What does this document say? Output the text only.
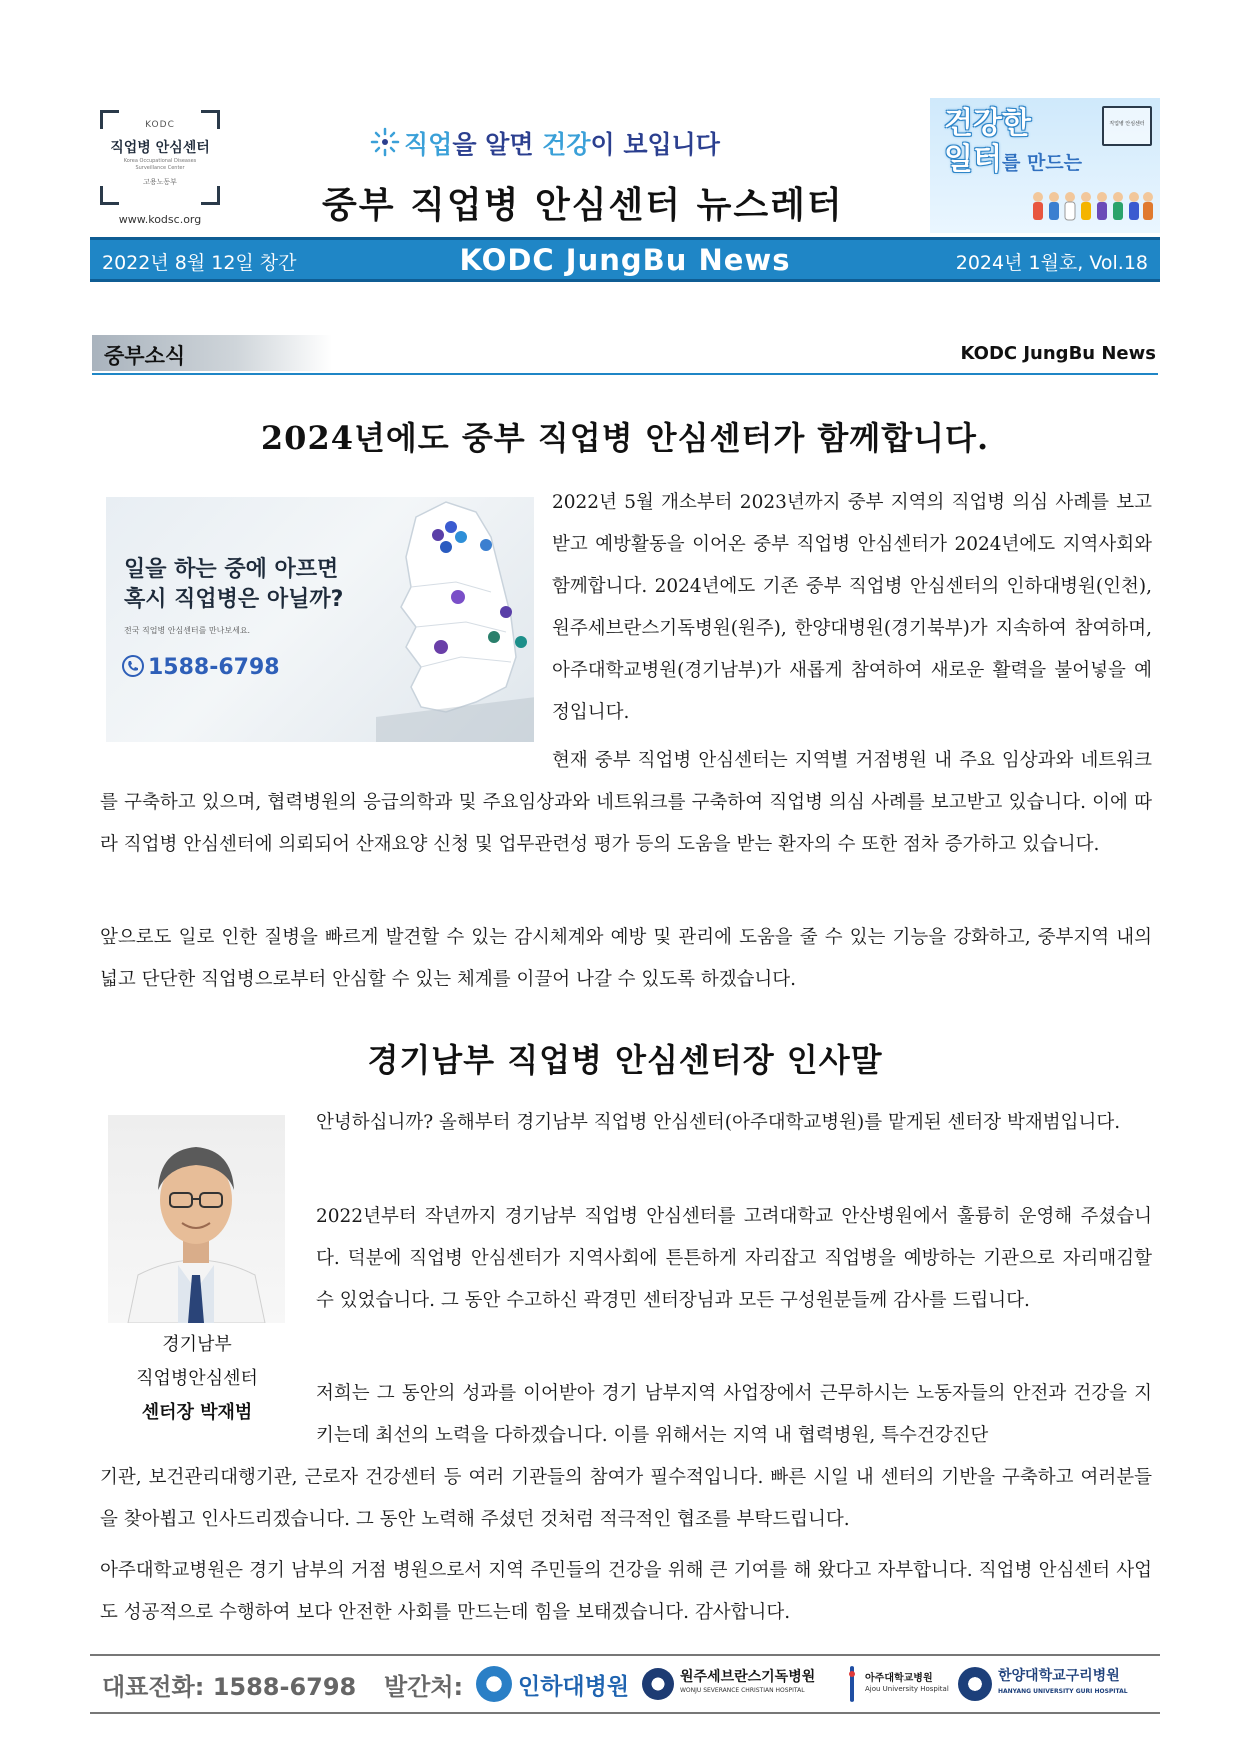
KODC
직업병 안심센터
Korea Occupational Diseases Surveillance Center
고용노동부
www.kodsc.org
직업을 알면 건강이 보입니다
중부 직업병 안심센터 뉴스레터
건강한
일터를 만드는
직업병 안심센터
2022년 8월 12일 창간	KODC JungBu News	2024년 1월호, Vol.18
중부소식	KODC JungBu News
2024년에도 중부 직업병 안심센터가 함께합니다.
일을 하는 중에 아프면
혹시 직업병은 아닐까?
전국 직업병 안심센터를 만나보세요.
1588-6798
2022년 5월 개소부터 2023년까지 중부 지역의 직업병 의심 사례를 보고받고 예방활동을 이어온 중부 직업병 안심센터가 2024년에도 지역사회와 함께합니다. 2024년에도 기존 중부 직업병 안심센터의 인하대병원(인천), 원주세브란스기독병원(원주), 한양대병원(경기북부)가 지속하여 참여하며, 아주대학교병원(경기남부)가 새롭게 참여하여 새로운 활력을 불어넣을 예정입니다.
현재 중부 직업병 안심센터는 지역별 거점병원 내 주요 임상과와 네트워크를 구축하고 있으며, 협력병원의 응급의학과 및 주요임상과와 네트워크를 구축하여 직업병 의심 사례를 보고받고 있습니다. 이에 따라 직업병 안심센터에 의뢰되어 산재요양 신청 및 업무관련성 평가 등의 도움을 받는 환자의 수 또한 점차 증가하고 있습니다.
앞으로도 일로 인한 질병을 빠르게 발견할 수 있는 감시체계와 예방 및 관리에 도움을 줄 수 있는 기능을 강화하고, 중부지역 내의 넓고 단단한 직업병으로부터 안심할 수 있는 체계를 이끌어 나갈 수 있도록 하겠습니다.
경기남부 직업병 안심센터장 인사말
경기남부
직업병안심센터
센터장 박재범
안녕하십니까? 올해부터 경기남부 직업병 안심센터(아주대학교병원)를 맡게된 센터장 박재범입니다.
2022년부터 작년까지 경기남부 직업병 안심센터를 고려대학교 안산병원에서 훌륭히 운영해 주셨습니다. 덕분에 직업병 안심센터가 지역사회에 튼튼하게 자리잡고 직업병을 예방하는 기관으로 자리매김할 수 있었습니다. 그 동안 수고하신 곽경민 센터장님과 모든 구성원분들께 감사를 드립니다.
저희는 그 동안의 성과를 이어받아 경기 남부지역 사업장에서 근무하시는 노동자들의 안전과 건강을 지키는데 최선의 노력을 다하겠습니다. 이를 위해서는 지역 내 협력병원, 특수건강진단
기관, 보건관리대행기관, 근로자 건강센터 등 여러 기관들의 참여가 필수적입니다. 빠른 시일 내 센터의 기반을 구축하고 여러분들을 찾아뵙고 인사드리겠습니다. 그 동안 노력해 주셨던 것처럼 적극적인 협조를 부탁드립니다.
아주대학교병원은 경기 남부의 거점 병원으로서 지역 주민들의 건강을 위해 큰 기여를 해 왔다고 자부합니다. 직업병 안심센터 사업도 성공적으로 수행하여 보다 안전한 사회를 만드는데 힘을 보태겠습니다. 감사합니다.
대표전화: 1588-6798 발간처: 인하대병원	원주세브란스기독병원
WONJU SEVERANCE CHRISTIAN HOSPITAL
아주대학교병원
Ajou University Hospital
한양대학교구리병원
HANYANG UNIVERSITY GURI HOSPITAL
